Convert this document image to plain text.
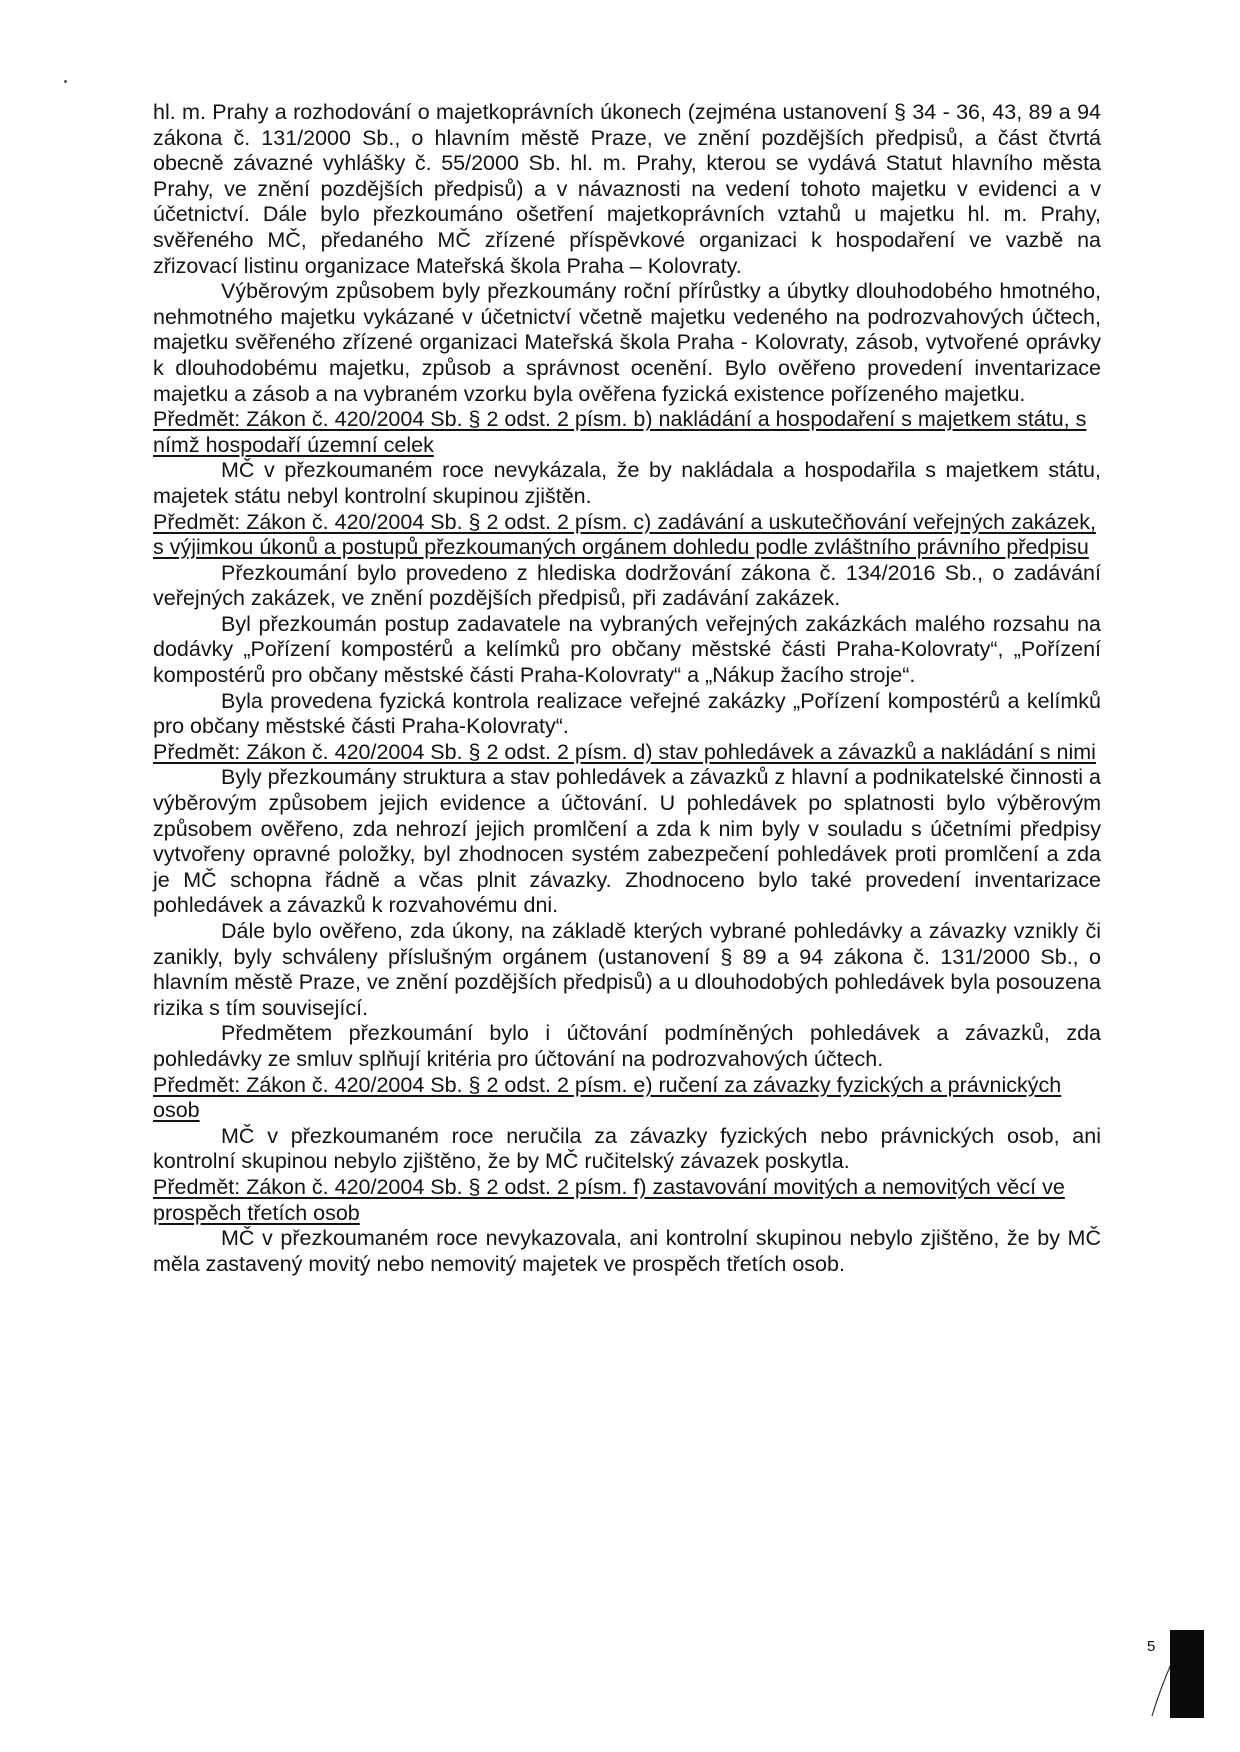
hl. m. Prahy a rozhodování o majetkoprávních úkonech (zejména ustanovení § 34 - 36, 43, 89 a 94 zákona č. 131/2000 Sb., o hlavním městě Praze, ve znění pozdějších předpisů, a část čtvrtá obecně závazné vyhlášky č. 55/2000 Sb. hl. m. Prahy, kterou se vydává Statut hlavního města Prahy, ve znění pozdějších předpisů) a v návaznosti na vedení tohoto majetku v evidenci a v účetnictví. Dále bylo přezkoumáno ošetření majetkoprávních vztahů u majetku hl. m. Prahy, svěřeného MČ, předaného MČ zřízené příspěvkové organizaci k hospodaření ve vazbě na zřizovací listinu organizace Mateřská škola Praha – Kolovraty.

Výběrovým způsobem byly přezkoumány roční přírůstky a úbytky dlouhodobého hmotného, nehmotného majetku vykázané v účetnictví včetně majetku vedeného na podrozvahových účtech, majetku svěřeného zřízené organizaci Mateřská škola Praha - Kolovraty, zásob, vytvořené oprávky k dlouhodobému majetku, způsob a správnost ocenění. Bylo ověřeno provedení inventarizace majetku a zásob a na vybraném vzorku byla ověřena fyzická existence pořízeného majetku.

Předmět: Zákon č. 420/2004 Sb. § 2 odst. 2 písm. b) nakládání a hospodaření s majetkem státu, s nímž hospodaří územní celek

MČ v přezkoumaném roce nevykázala, že by nakládala a hospodařila s majetkem státu, majetek státu nebyl kontrolní skupinou zjištěn.

Předmět: Zákon č. 420/2004 Sb. § 2 odst. 2 písm. c) zadávání a uskutečňování veřejných zakázek, s výjimkou úkonů a postupů přezkoumaných orgánem dohledu podle zvláštního právního předpisu

Přezkoumání bylo provedeno z hlediska dodržování zákona č. 134/2016 Sb., o zadávání veřejných zakázek, ve znění pozdějších předpisů, při zadávání zakázek.

Byl přezkoumán postup zadavatele na vybraných veřejných zakázkách malého rozsahu na dodávky „Pořízení kompostérů a kelímků pro občany městské části Praha-Kolovraty“, „Pořízení kompostérů pro občany městské části Praha-Kolovraty“ a „Nákup žacího stroje“.

Byla provedena fyzická kontrola realizace veřejné zakázky „Pořízení kompostérů a kelímků pro občany městské části Praha-Kolovraty“.

Předmět: Zákon č. 420/2004 Sb. § 2 odst. 2 písm. d) stav pohledávek a závazků a nakládání s nimi

Byly přezkoumány struktura a stav pohledávek a závazků z hlavní a podnikatelské činnosti a výběrovým způsobem jejich evidence a účtování. U pohledávek po splatnosti bylo výběrovým způsobem ověřeno, zda nehrozí jejich promlčení a zda k nim byly v souladu s účetními předpisy vytvořeny opravné položky, byl zhodnocen systém zabezpečení pohledávek proti promlčení a zda je MČ schopna řádně a včas plnit závazky. Zhodnoceno bylo také provedení inventarizace pohledávek a závazků k rozvahovému dni.

Dále bylo ověřeno, zda úkony, na základě kterých vybrané pohledávky a závazky vznikly či zanikly, byly schváleny příslušným orgánem (ustanovení § 89 a 94 zákona č. 131/2000 Sb., o hlavním městě Praze, ve znění pozdějších předpisů) a u dlouhodobých pohledávek byla posouzena rizika s tím související.

Předmětem přezkoumání bylo i účtování podmíněných pohledávek a závazků, zda pohledávky ze smluv splňují kritéria pro účtování na podrozvahových účtech.

Předmět: Zákon č. 420/2004 Sb. § 2 odst. 2 písm. e) ručení za závazky fyzických a právnických osob

MČ v přezkoumaném roce neručila za závazky fyzických nebo právnických osob, ani kontrolní skupinou nebylo zjištěno, že by MČ ručitelský závazek poskytla.

Předmět: Zákon č. 420/2004 Sb. § 2 odst. 2 písm. f) zastavování movitých a nemovitých věcí ve prospěch třetích osob

MČ v přezkoumaném roce nevykazovala, ani kontrolní skupinou nebylo zjištěno, že by MČ měla zastavený movitý nebo nemovitý majetek ve prospěch třetích osob.

5
